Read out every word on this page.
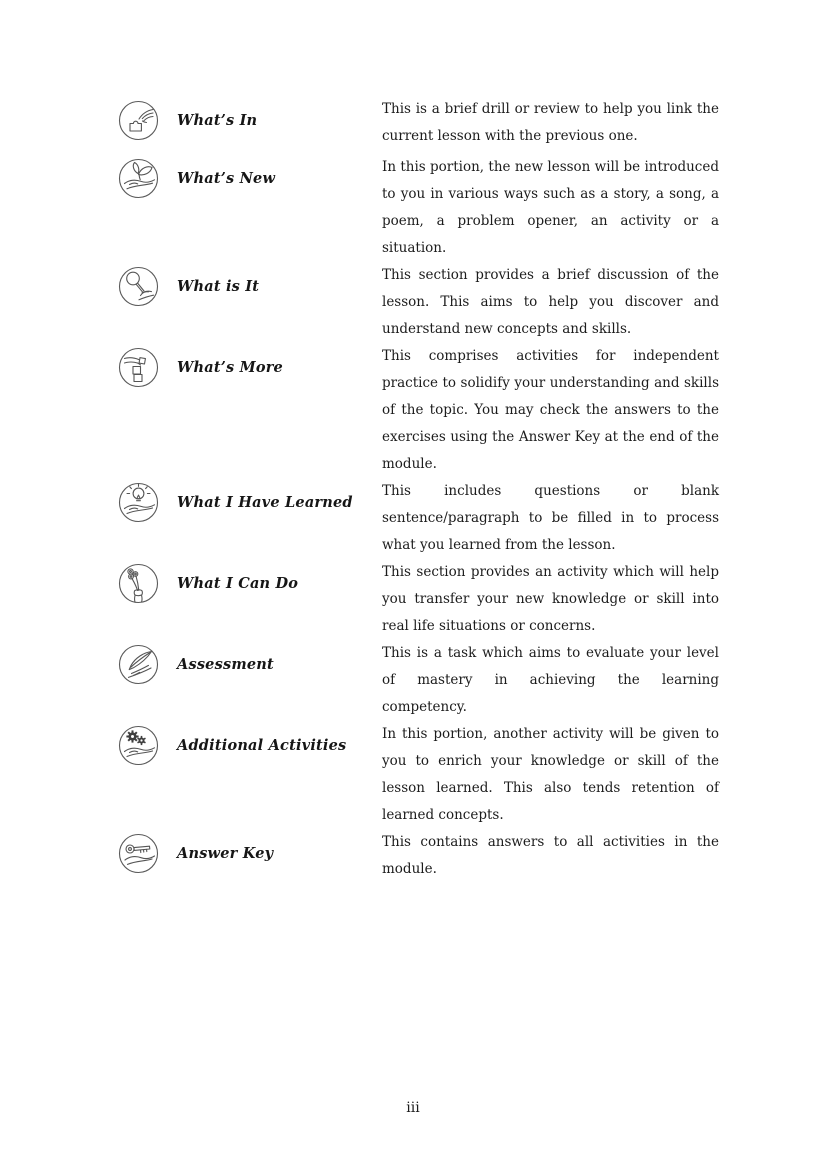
What’s In

This is a brief drill or review to help you link the current lesson with the previous one.

What’s New

In this portion, the new lesson will be introduced to you in various ways such as a story, a song, a poem, a problem opener, an activity or a situation.

What is It

This section provides a brief discussion of the lesson. This aims to help you discover and understand new concepts and skills.

What’s More

This comprises activities for independent practice to solidify your understanding and skills of the topic. You may check the answers to the exercises using the Answer Key at the end of the module.

What I Have Learned

This includes questions or blank sentence/paragraph to be filled in to process what you learned from the lesson.

What I Can Do

This section provides an activity which will help you transfer your new knowledge or skill into real life situations or concerns.

Assessment

This is a task which aims to evaluate your level of mastery in achieving the learning competency.

Additional Activities

In this portion, another activity will be given to you to enrich your knowledge or skill of the lesson learned. This also tends retention of learned concepts.

Answer Key

This contains answers to all activities in the module.

iii
